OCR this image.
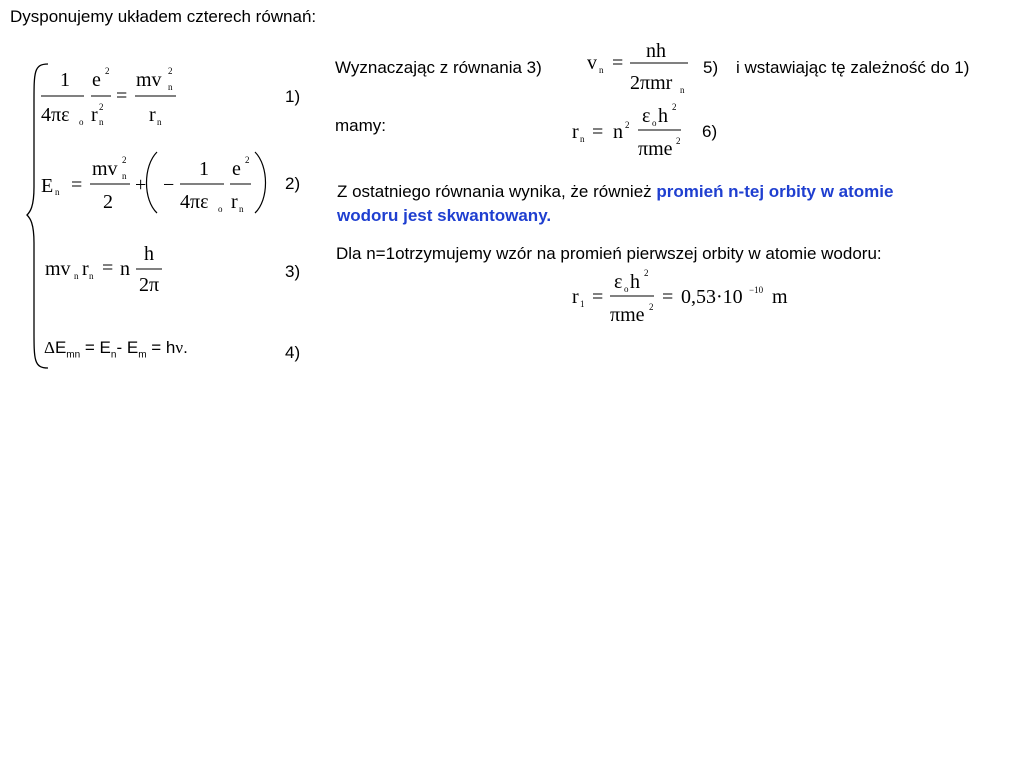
Dysponujemy układem czterech równań:
1
4πε o
e 2
r 2
n
=
mv 2
n
r n
1)
E n =
mv 2
n
2
+ −
1
4πε o
e 2
r n
2)
mv n r n = n
h
2π
3)
$\Delta E_{mn} = E_n-$ $E_m = h\nu$.	4)
Wyznaczając z równania 3) v n =
nh
2πmr n
5) i wstawiając tę zależność do 1)
mamy:	r n = n 2 ε o h 2
πme 2 6)
Z ostatniego równania wynika, że również promień n-tej orbity w atomie
wodoru jest skwantowany.
Dla n=1otrzymujemy wzór na promień pierwszej orbity w atomie wodoru:
r 1 =
ε o h 2
πme 2 = 0,53·10 −10 m
